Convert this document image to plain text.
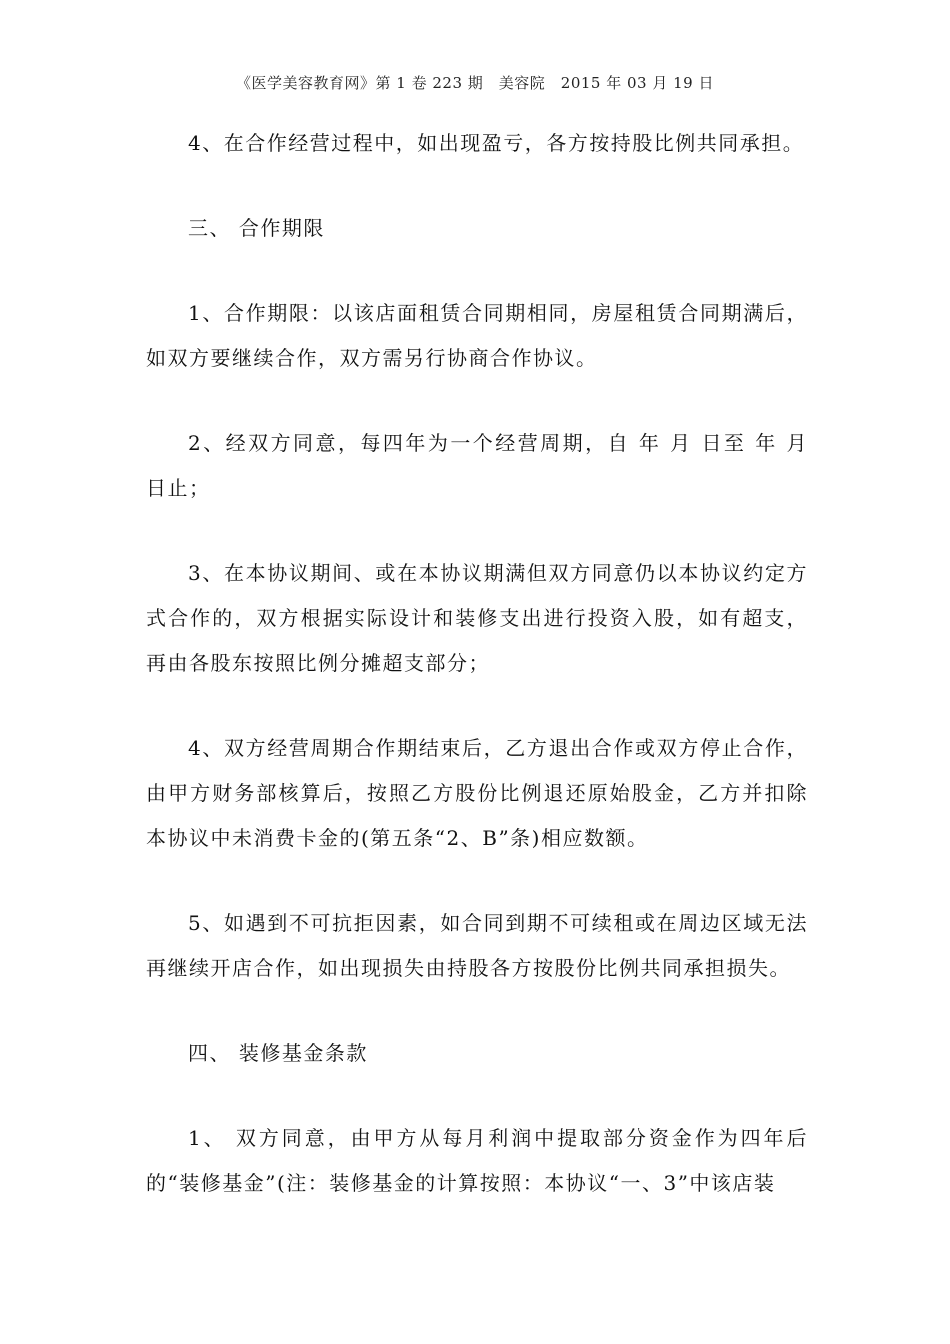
《医学美容教育网》第 1 卷 223 期　美容院　2015 年 03 月 19 日

4、在合作经营过程中，如出现盈亏，各方按持股比例共同承担。

三、 合作期限

1、合作期限：以该店面租赁合同期相同，房屋租赁合同期满后，如双方要继续合作，双方需另行协商合作协议。

2、经双方同意，每四年为一个经营周期，自 年 月 日至 年 月 日止；

3、在本协议期间、或在本协议期满但双方同意仍以本协议约定方式合作的，双方根据实际设计和装修支出进行投资入股，如有超支，再由各股东按照比例分摊超支部分；

4、双方经营周期合作期结束后，乙方退出合作或双方停止合作，由甲方财务部核算后，按照乙方股份比例退还原始股金，乙方并扣除本协议中未消费卡金的(第五条“2、B”条)相应数额。

5、如遇到不可抗拒因素，如合同到期不可续租或在周边区域无法再继续开店合作，如出现损失由持股各方按股份比例共同承担损失。

四、 装修基金条款

1、 双方同意，由甲方从每月利润中提取部分资金作为四年后的“装修基金”(注：装修基金的计算按照：本协议“一、3”中该店装
